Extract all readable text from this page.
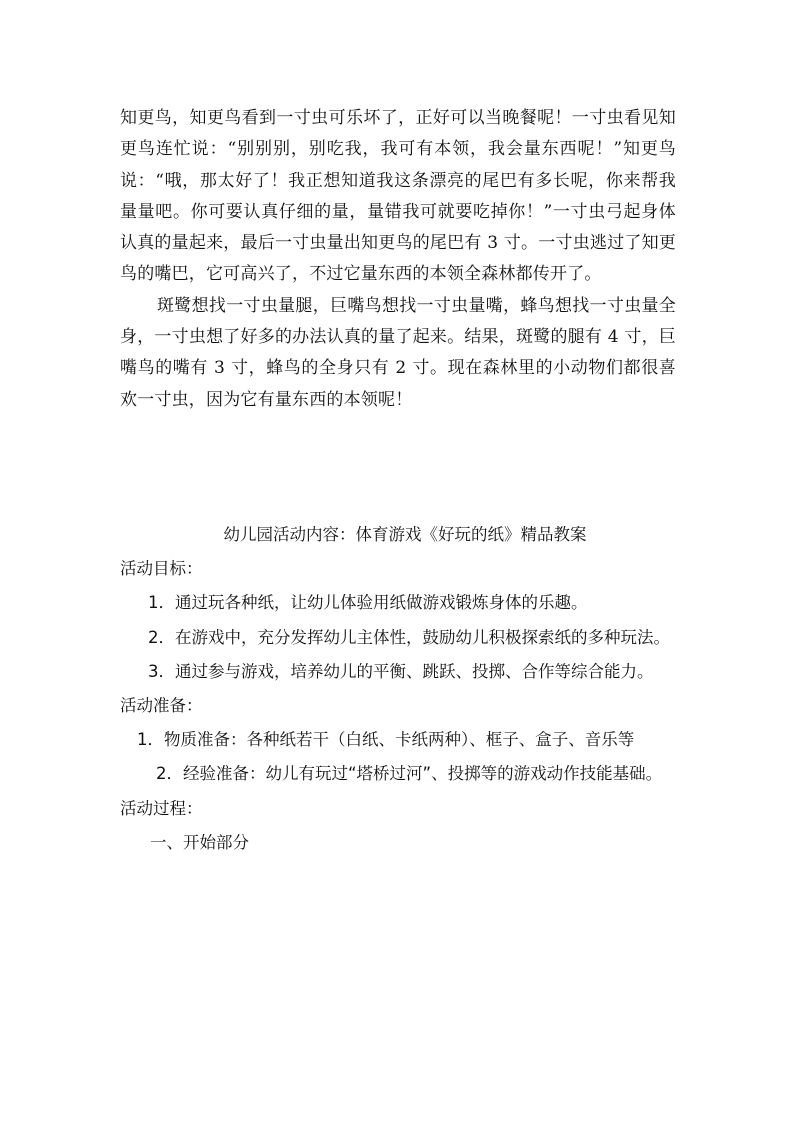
知更鸟，知更鸟看到一寸虫可乐坏了，正好可以当晚餐呢！一寸虫看见知更鸟连忙说：“别别别，别吃我，我可有本领，我会量东西呢！”知更鸟说：“哦，那太好了！我正想知道我这条漂亮的尾巴有多长呢，你来帮我量量吧。你可要认真仔细的量，量错我可就要吃掉你！”一寸虫弓起身体认真的量起来，最后一寸虫量出知更鸟的尾巴有 3 寸。一寸虫逃过了知更鸟的嘴巴，它可高兴了，不过它量东西的本领全森林都传开了。

斑鹭想找一寸虫量腿，巨嘴鸟想找一寸虫量嘴，蜂鸟想找一寸虫量全身，一寸虫想了好多的办法认真的量了起来。结果，斑鹭的腿有 4 寸，巨嘴鸟的嘴有 3 寸，蜂鸟的全身只有 2 寸。现在森林里的小动物们都很喜欢一寸虫，因为它有量东西的本领呢！

幼儿园活动内容：体育游戏《好玩的纸》精品教案

活动目标：

1．通过玩各种纸，让幼儿体验用纸做游戏锻炼身体的乐趣。

2．在游戏中，充分发挥幼儿主体性，鼓励幼儿积极探索纸的多种玩法。

3．通过参与游戏，培养幼儿的平衡、跳跃、投掷、合作等综合能力。

活动准备：

1．物质准备：各种纸若干（白纸、卡纸两种）、框子、盒子、音乐等

2．经验准备：幼儿有玩过“塔桥过河”、投掷等的游戏动作技能基础。

活动过程：

一、开始部分
